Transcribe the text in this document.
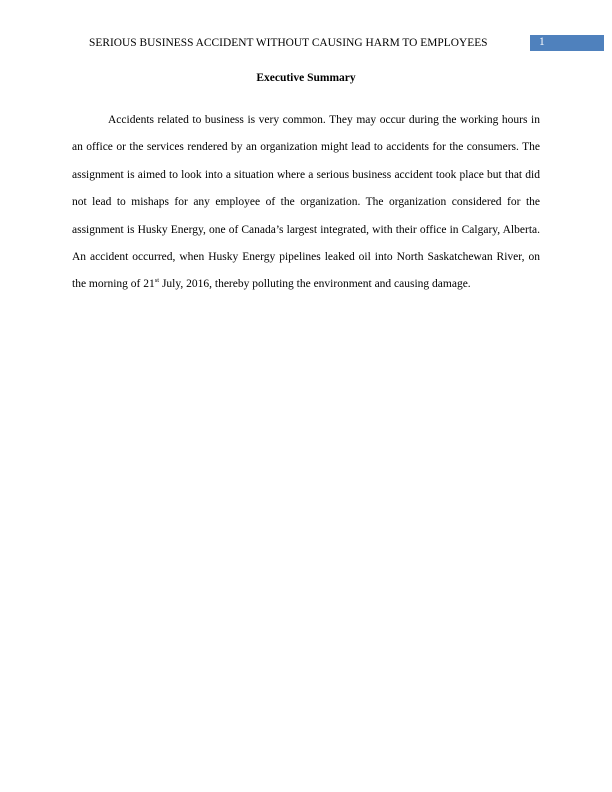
SERIOUS BUSINESS ACCIDENT WITHOUT CAUSING HARM TO EMPLOYEES	1
Executive Summary

Accidents related to business is very common. They may occur during the working hours in an office or the services rendered by an organization might lead to accidents for the consumers. The assignment is aimed to look into a situation where a serious business accident took place but that did not lead to mishaps for any employee of the organization. The organization considered for the assignment is Husky Energy, one of Canada’s largest integrated, with their office in Calgary, Alberta. An accident occurred, when Husky Energy pipelines leaked oil into North Saskatchewan River, on the morning of 21st July, 2016, thereby polluting the environment and causing damage.
